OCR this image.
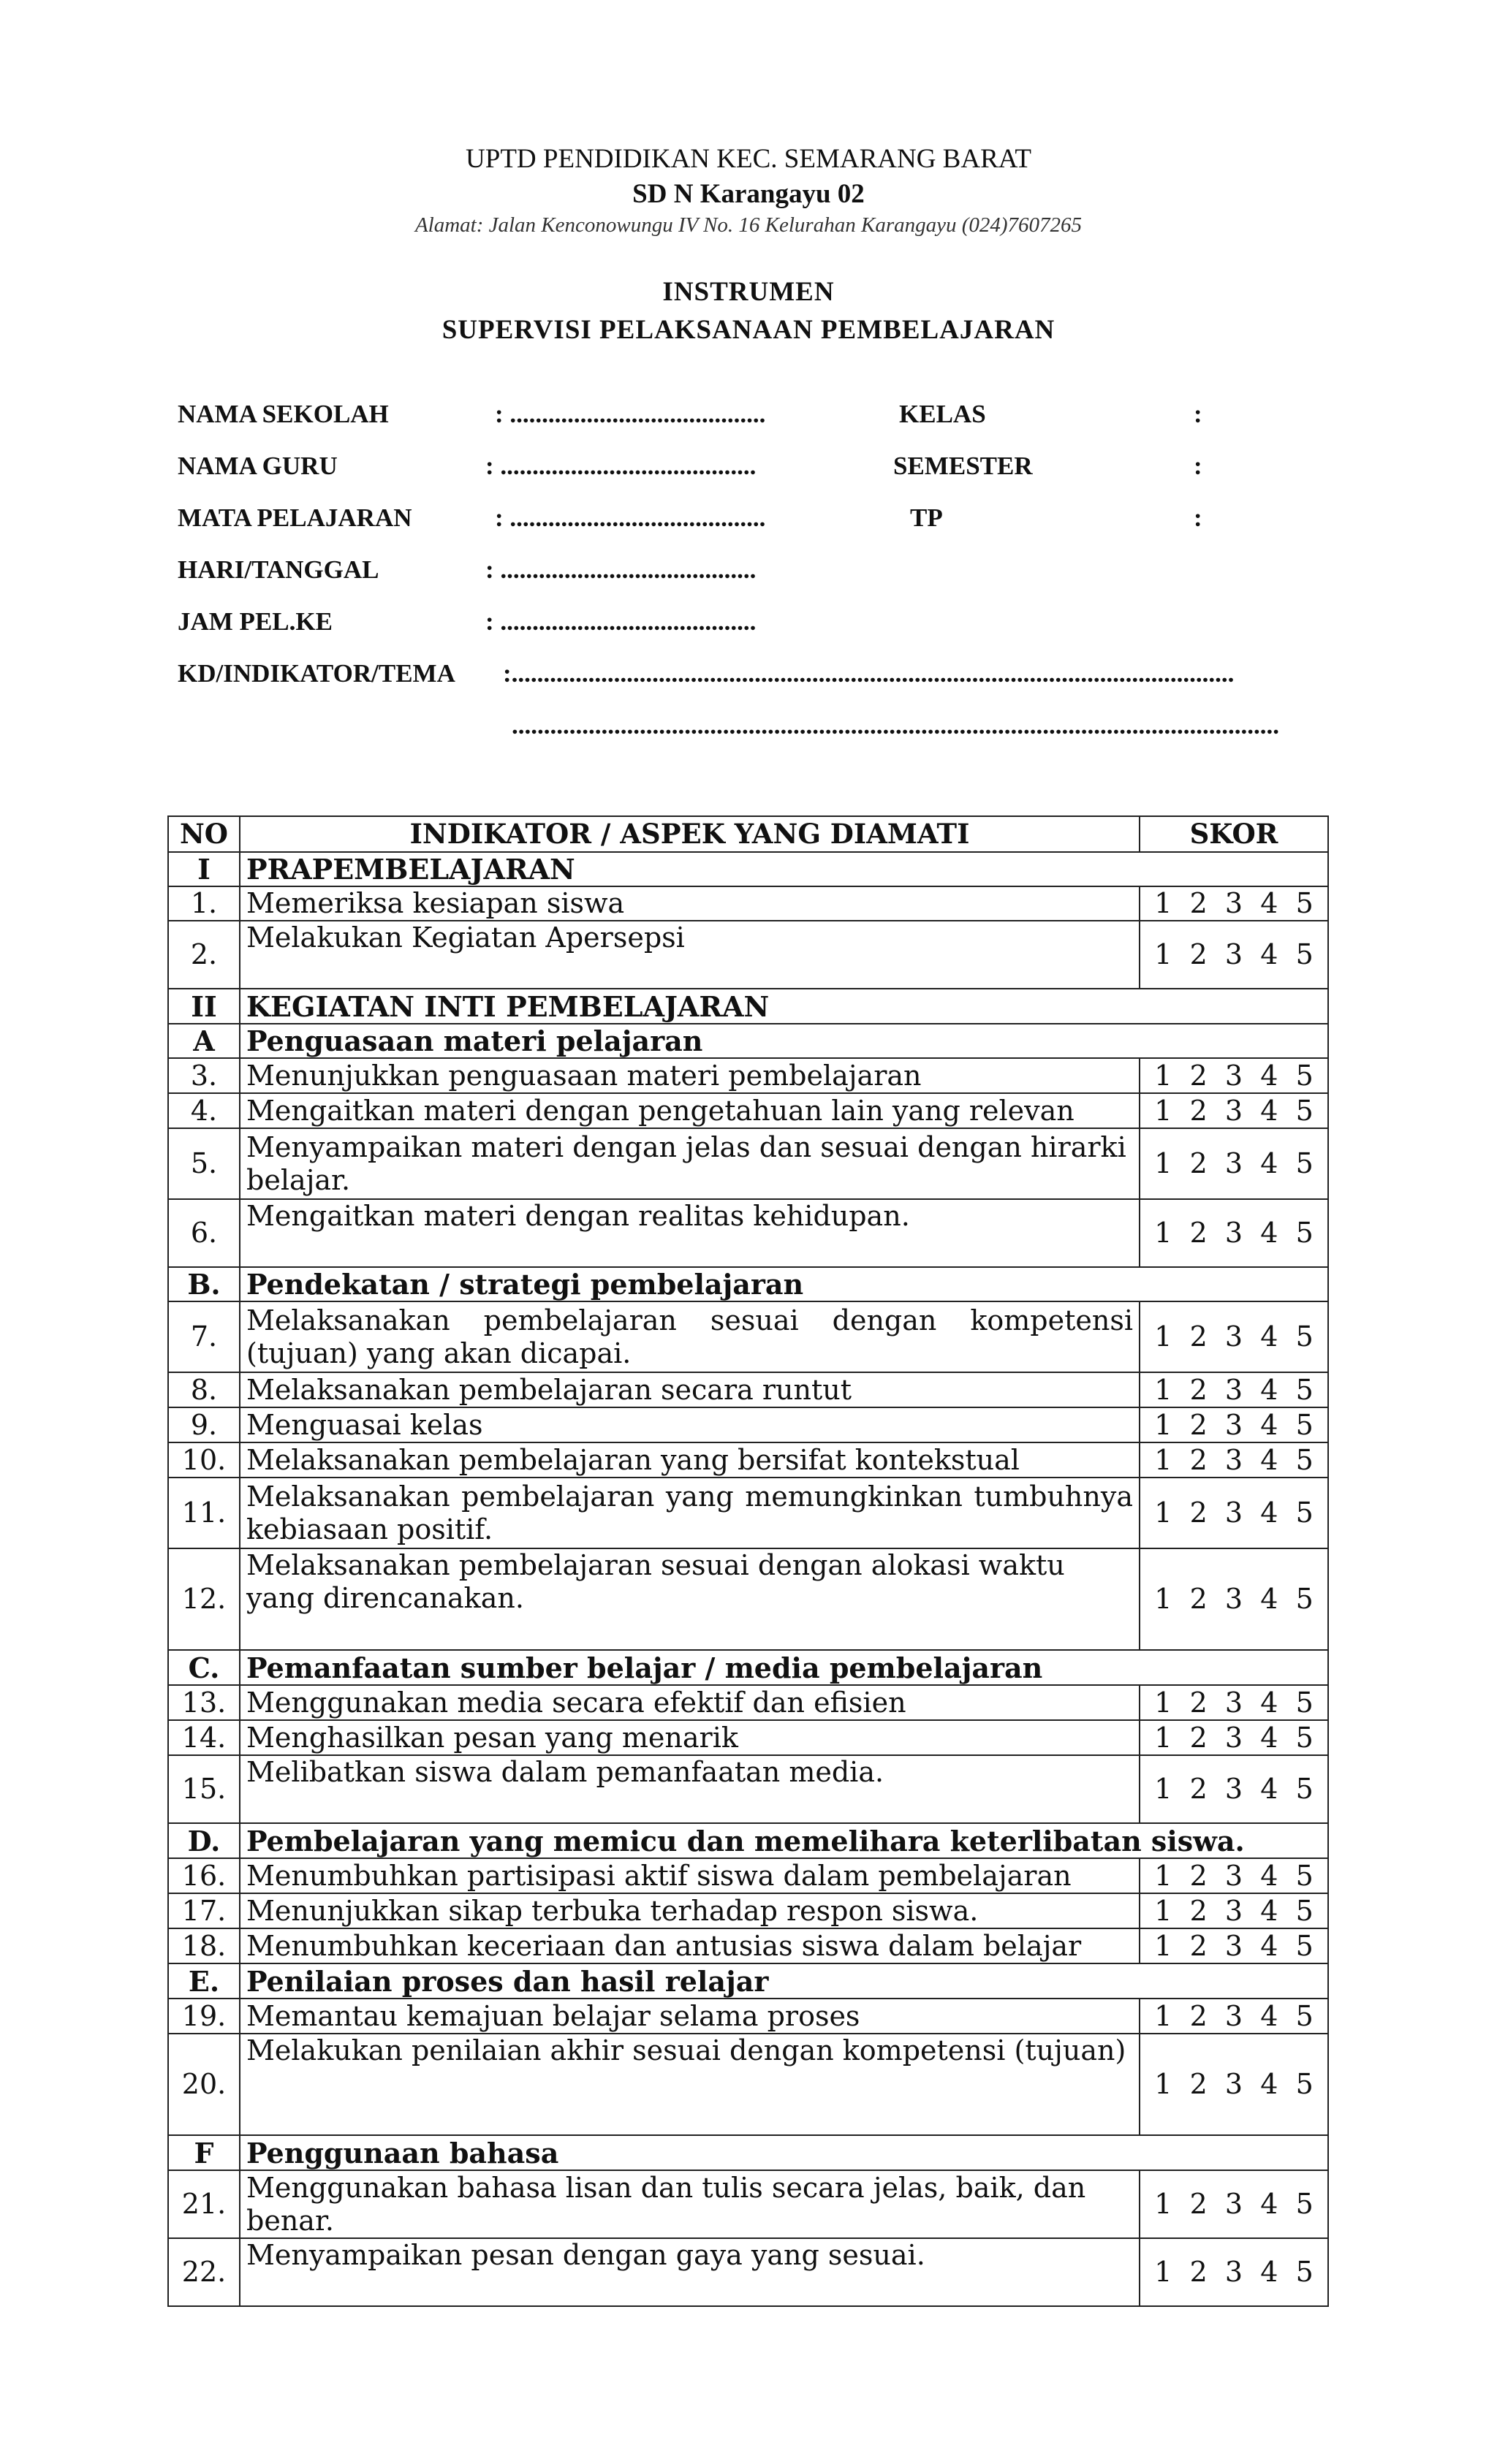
UPTD PENDIDIKAN KEC. SEMARANG BARAT
SD N Karangayu 02
Alamat: Jalan Kenconowungu IV No. 16 Kelurahan Karangayu (024)7607265
INSTRUMEN
SUPERVISI PELAKSANAAN PEMBELAJARAN
NAMA SEKOLAH	: ........................................
NAMA GURU	: ........................................
MATA PELAJARAN	: ........................................
HARI/TANGGAL	: ........................................
JAM PEL.KE	: ........................................
KD/INDIKATOR/TEMA :.................................................................................................................
........................................................................................................................
KELAS	:
SEMESTER	:
TP	:
NO	INDIKATOR / ASPEK YANG DIAMATI	SKOR
I	PRAPEMBELAJARAN	
1.	Memeriksa kesiapan siswa	1  2  3  4  5
2.	Melakukan Kegiatan Apersepsi	1  2  3  4  5
II	KEGIATAN INTI PEMBELAJARAN	
A	Penguasaan materi pelajaran	
3.	Menunjukkan penguasaan materi pembelajaran	1  2  3  4  5
4.	Mengaitkan materi dengan pengetahuan lain yang relevan	1  2  3  4  5
5.	Menyampaikan materi dengan jelas dan sesuai dengan hirarki belajar.	1  2  3  4  5
6.	Mengaitkan materi dengan realitas kehidupan.	1  2  3  4  5
B.	Pendekatan / strategi pembelajaran	
7.	Melaksanakan pembelajaran sesuai dengan kompetensi (tujuan) yang akan dicapai.	1  2  3  4  5
8.	Melaksanakan pembelajaran secara runtut	1  2  3  4  5
9.	Menguasai kelas	1  2  3  4  5
10.	Melaksanakan pembelajaran yang bersifat kontekstual	1  2  3  4  5
11.	Melaksanakan pembelajaran yang memungkinkan tumbuhnya kebiasaan positif.	1  2  3  4  5
12.	Melaksanakan pembelajaran sesuai dengan alokasi waktu yang direncanakan.	1  2  3  4  5
C.	Pemanfaatan sumber belajar / media pembelajaran	
13.	Menggunakan media secara efektif dan efisien	1  2  3  4  5
14.	Menghasilkan pesan yang menarik	1  2  3  4  5
15.	Melibatkan siswa dalam pemanfaatan media.	1  2  3  4  5
D.	Pembelajaran yang memicu dan memelihara keterlibatan siswa.	
16.	Menumbuhkan partisipasi aktif siswa dalam pembelajaran	1  2  3  4  5
17.	Menunjukkan sikap terbuka terhadap respon siswa.	1  2  3  4  5
18.	Menumbuhkan keceriaan dan antusias siswa dalam belajar	1  2  3  4  5
E.	Penilaian proses dan hasil relajar	
19.	Memantau kemajuan belajar selama proses	1  2  3  4  5
20.	Melakukan penilaian akhir sesuai dengan kompetensi (tujuan)	1  2  3  4  5
F	Penggunaan bahasa	
21.	Menggunakan bahasa lisan dan tulis secara jelas, baik, dan benar.	1  2  3  4  5
22.	Menyampaikan pesan dengan gaya yang sesuai.	1  2  3  4  5
